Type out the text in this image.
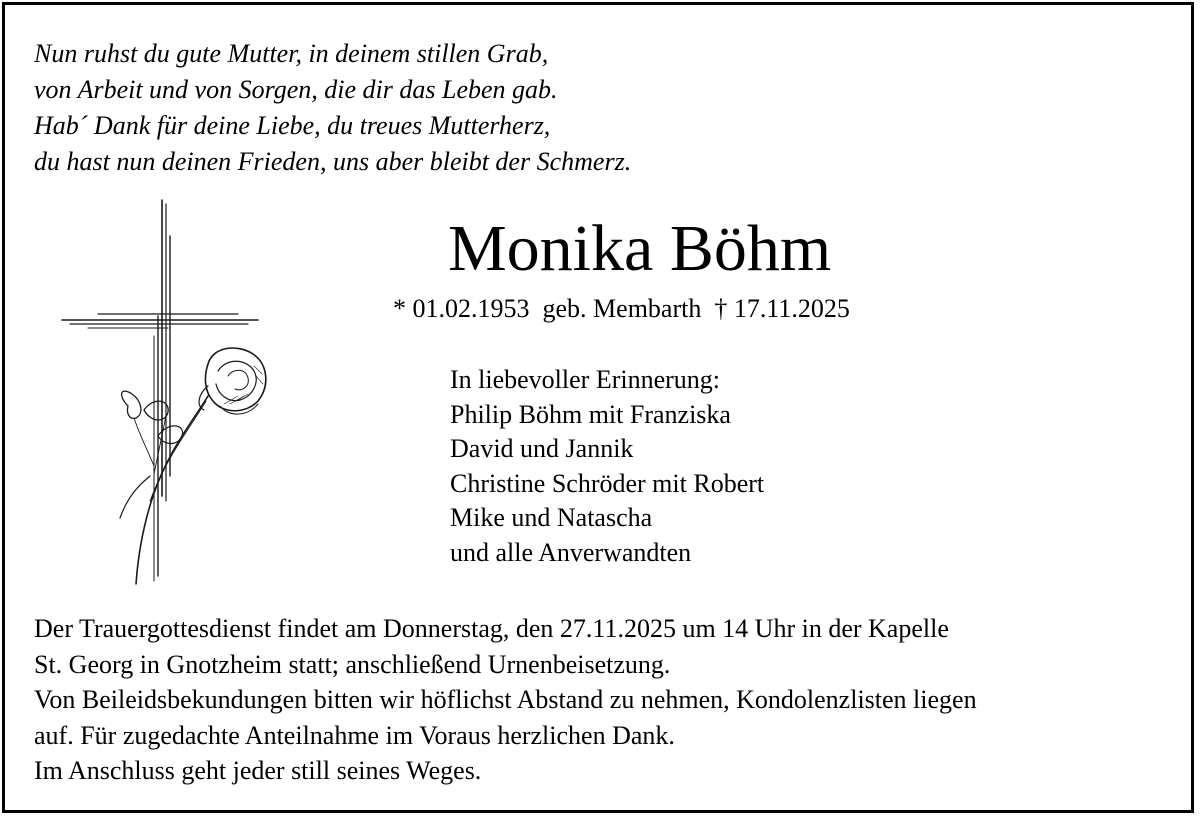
Nun ruhst du gute Mutter, in deinem stillen Grab,
von Arbeit und von Sorgen, die dir das Leben gab.
Hab´ Dank für deine Liebe, du treues Mutterherz,
du hast nun deinen Frieden, uns aber bleibt der Schmerz.
Monika Böhm
* 01.02.1953  geb. Membarth  † 17.11.2025
In liebevoller Erinnerung:
Philip Böhm mit Franziska
David und Jannik
Christine Schröder mit Robert
Mike und Natascha
und alle Anverwandten
Der Trauergottesdienst findet am Donnerstag, den 27.11.2025 um 14 Uhr in der Kapelle
St. Georg in Gnotzheim statt; anschließend Urnenbeisetzung.
Von Beileidsbekundungen bitten wir höflichst Abstand zu nehmen, Kondolenzlisten liegen
auf. Für zugedachte Anteilnahme im Voraus herzlichen Dank.
Im Anschluss geht jeder still seines Weges.
